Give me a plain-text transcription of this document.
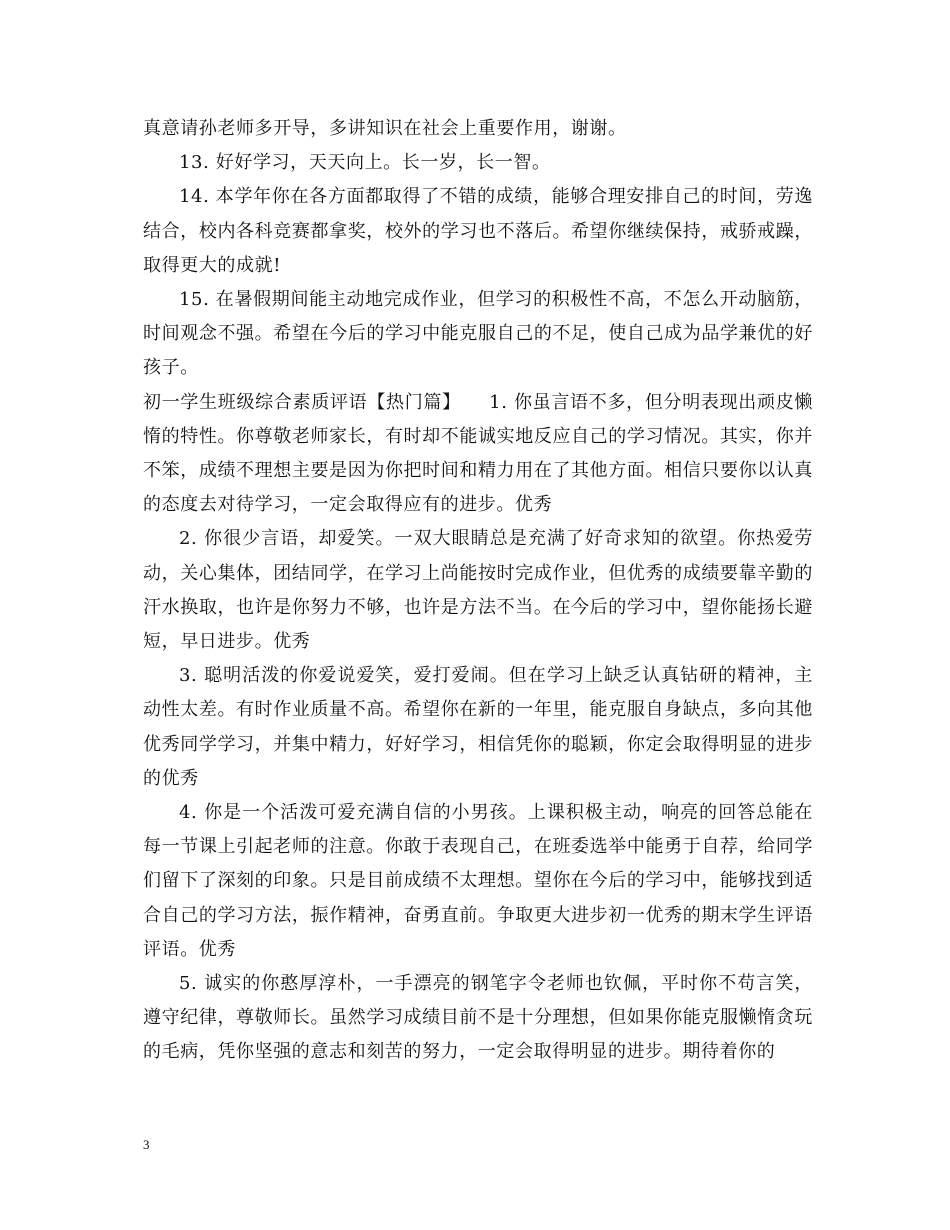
真意请孙老师多开导，多讲知识在社会上重要作用，谢谢。

13. 好好学习，天天向上。长一岁，长一智。

14. 本学年你在各方面都取得了不错的成绩，能够合理安排自己的时间，劳逸结合，校内各科竞赛都拿奖，校外的学习也不落后。希望你继续保持，戒骄戒躁，取得更大的成就!

15. 在暑假期间能主动地完成作业，但学习的积极性不高，不怎么开动脑筋，时间观念不强。希望在今后的学习中能克服自己的不足，使自己成为品学兼优的好孩子。

初一学生班级综合素质评语【热门篇】　　1. 你虽言语不多，但分明表现出顽皮懒惰的特性。你尊敬老师家长，有时却不能诚实地反应自己的学习情况。其实，你并不笨，成绩不理想主要是因为你把时间和精力用在了其他方面。相信只要你以认真的态度去对待学习，一定会取得应有的进步。优秀

2. 你很少言语，却爱笑。一双大眼睛总是充满了好奇求知的欲望。你热爱劳动，关心集体，团结同学，在学习上尚能按时完成作业，但优秀的成绩要靠辛勤的汗水换取，也许是你努力不够，也许是方法不当。在今后的学习中，望你能扬长避短，早日进步。优秀

3. 聪明活泼的你爱说爱笑，爱打爱闹。但在学习上缺乏认真钻研的精神，主动性太差。有时作业质量不高。希望你在新的一年里，能克服自身缺点，多向其他优秀同学学习，并集中精力，好好学习，相信凭你的聪颖，你定会取得明显的进步的优秀

4. 你是一个活泼可爱充满自信的小男孩。上课积极主动，响亮的回答总能在每一节课上引起老师的注意。你敢于表现自己，在班委选举中能勇于自荐，给同学们留下了深刻的印象。只是目前成绩不太理想。望你在今后的学习中，能够找到适合自己的学习方法，振作精神，奋勇直前。争取更大进步初一优秀的期末学生评语评语。优秀

5. 诚实的你憨厚淳朴，一手漂亮的钢笔字令老师也钦佩，平时你不苟言笑，遵守纪律，尊敬师长。虽然学习成绩目前不是十分理想，但如果你能克服懒惰贪玩的毛病，凭你坚强的意志和刻苦的努力，一定会取得明显的进步。期待着你的

3
